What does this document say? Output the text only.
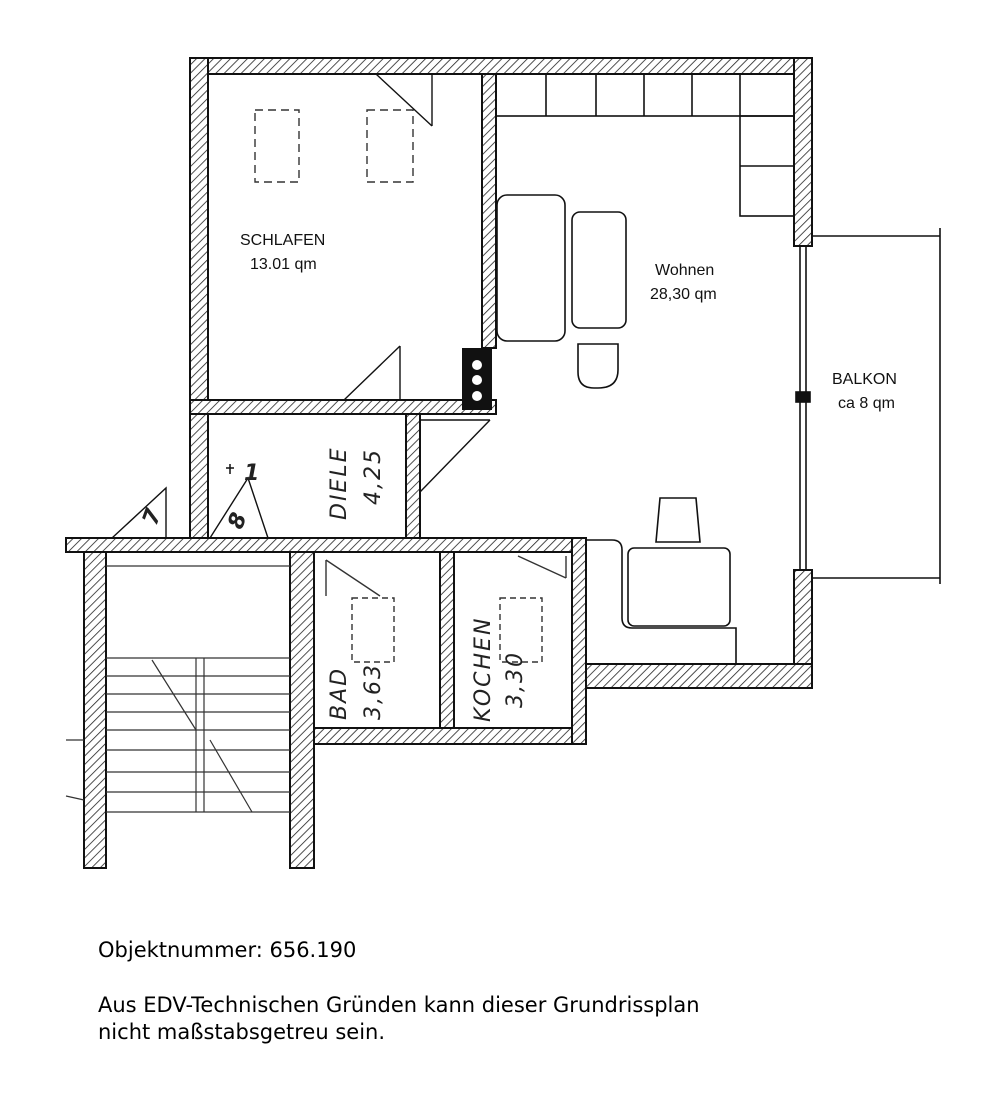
7	8
1
SCHLAFEN
13.01 qm	Wohnen
28,30 qm
BALKON
ca 8 qm
DIELE 4,25
BAD 3,63	KOCHEN 3,30
Objektnummer: 656.190
Aus EDV-Technischen Gründen kann dieser Grundrissplan
nicht maßstabsgetreu sein.
